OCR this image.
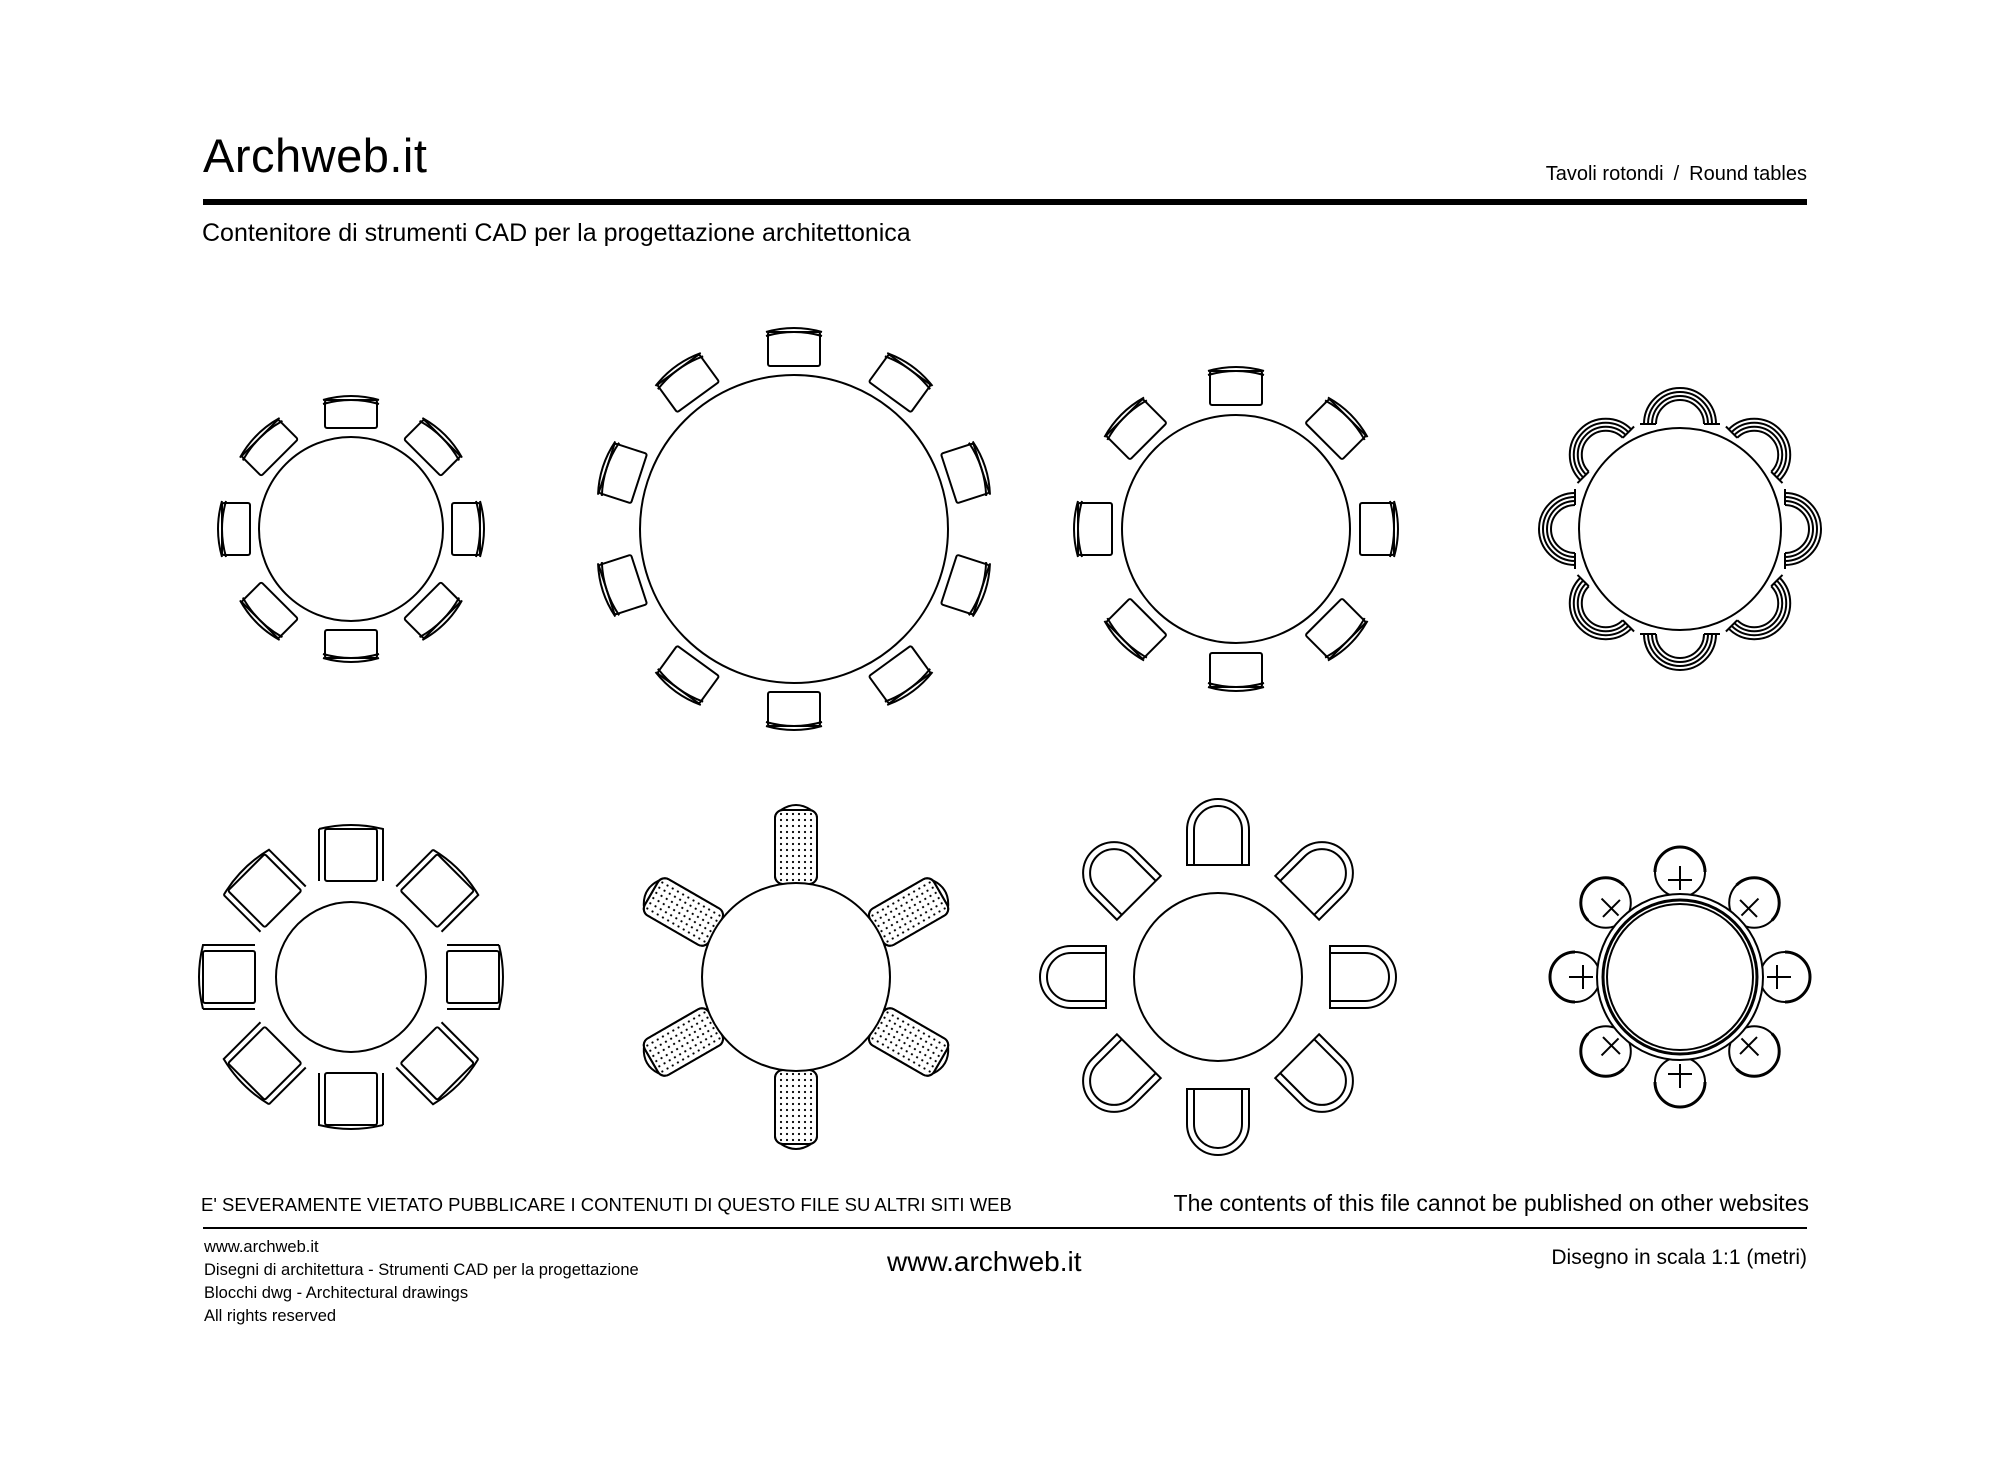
Archweb.it	Tavoli rotondi / Round tables
Contenitore di strumenti CAD per la progettazione architettonica
E' SEVERAMENTE VIETATO PUBBLICARE I CONTENUTI DI QUESTO FILE SU ALTRI SITI WEB	The contents of this file cannot be published on other websites
www.archweb.it
Disegni di architettura - Strumenti CAD per la progettazione
Blocchi dwg - Architectural drawings
All rights reserved
www.archweb.it	Disegno in scala 1:1 (metri)
